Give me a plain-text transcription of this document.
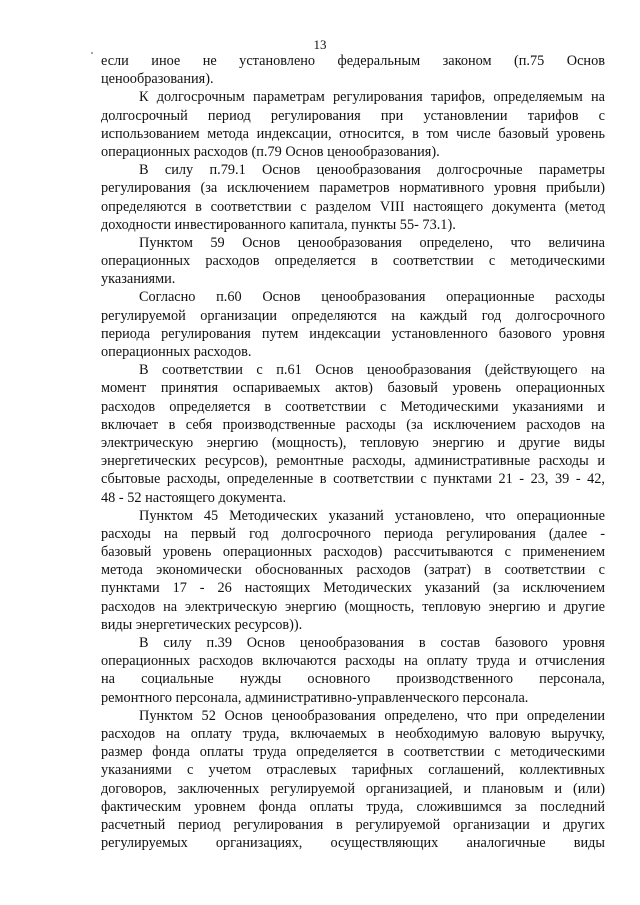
13
если иное не установлено федеральным законом (п.75 Основ
ценообразования).
К долгосрочным параметрам регулирования тарифов, определяемым на
долгосрочный период регулирования при установлении тарифов с
использованием метода индексации, относится, в том числе базовый уровень
операционных расходов (п.79 Основ ценообразования).
В силу п.79.1 Основ ценообразования долгосрочные параметры
регулирования (за исключением параметров нормативного уровня прибыли)
определяются в соответствии с разделом VIII настоящего документа (метод
доходности инвестированного капитала, пункты 55- 73.1).
Пунктом 59 Основ ценообразования определено, что величина
операционных расходов определяется в соответствии с методическими
указаниями.
Согласно п.60 Основ ценообразования операционные расходы
регулируемой организации определяются на каждый год долгосрочного
периода регулирования путем индексации установленного базового уровня
операционных расходов.
В соответствии с п.61 Основ ценообразования (действующего на
момент принятия оспариваемых актов) базовый уровень операционных
расходов определяется в соответствии с Методическими указаниями и
включает в себя производственные расходы (за исключением расходов на
электрическую энергию (мощность), тепловую энергию и другие виды
энергетических ресурсов), ремонтные расходы, административные расходы и
сбытовые расходы, определенные в соответствии с пунктами 21 - 23, 39 - 42,
48 - 52 настоящего документа.
Пунктом 45 Методических указаний установлено, что операционные
расходы на первый год долгосрочного периода регулирования (далее -
базовый уровень операционных расходов) рассчитываются с применением
метода экономически обоснованных расходов (затрат) в соответствии с
пунктами 17 - 26 настоящих Методических указаний (за исключением
расходов на электрическую энергию (мощность, тепловую энергию и другие
виды энергетических ресурсов)).
В силу п.39 Основ ценообразования в состав базового уровня
операционных расходов включаются расходы на оплату труда и отчисления
на социальные нужды основного производственного персонала,
ремонтного персонала, административно-управленческого персонала.
Пунктом 52 Основ ценообразования определено, что при определении
расходов на оплату труда, включаемых в необходимую валовую выручку,
размер фонда оплаты труда определяется в соответствии с методическими
указаниями с учетом отраслевых тарифных соглашений, коллективных
договоров, заключенных регулируемой организацией, и плановым и (или)
фактическим уровнем фонда оплаты труда, сложившимся за последний
расчетный период регулирования в регулируемой организации и других
регулируемых организациях, осуществляющих аналогичные виды
